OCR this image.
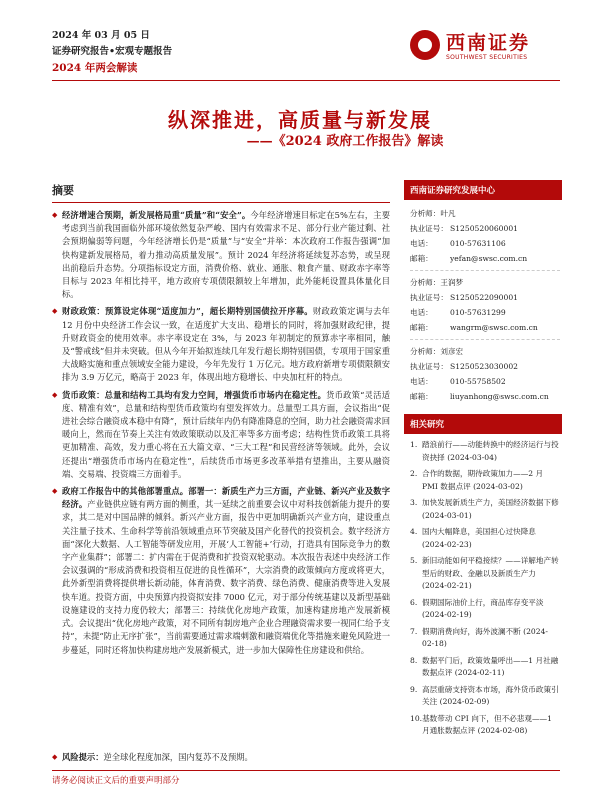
2024 年 03 月 05 日
证券研究报告•宏观专题报告
2024 年两会解读
西南证券
SOUTHWEST SECURITIES
纵深推进，高质量与新发展
——《2024 政府工作报告》解读
摘要
◆ 经济增速合预期，新发展格局重“质量”和“安全”。今年经济增速目标定在5%左右，主要考虑到当前我国面临外部环境依然复杂严峻、国内有效需求不足、部分行业产能过剩、社会预期偏弱等问题，今年经济增长仍是“质量”与“安全”并举：本次政府工作报告强调“加快构建新发展格局，着力推动高质量发展”。预计 2024 年经济将延续复苏态势，或呈现出前稳后升态势。分项指标设定方面，消费价格、就业、通胀、粮食产量、财政赤字率等目标与 2023 年相比持平，地方政府专项债限额较上年增加，此外能耗设置具体量化目标。
◆ 财政政策：预算设定体现“适度加力”，超长期特别国债拉开序幕。财政政策定调与去年 12 月份中央经济工作会议一致，在适度扩大支出、稳增长的同时，将加强财政纪律，提升财政资金的使用效率。赤字率设定在 3%，与 2023 年初制定的预算赤字率相同，触及“警戒线”但并未突破。但从今年开始拟连续几年发行超长期特别国债，专项用于国家重大战略实施和重点领域安全能力建设，今年先发行 1 万亿元。地方政府新增专项债限额安排为 3.9 万亿元，略高于 2023 年，体现出地方稳增长、中央加杠杆的特点。
◆ 货币政策：总量和结构工具均有发力空间，增强货币市场内在稳定性。货币政策“灵活适度、精准有效”，总量和结构型货币政策均有望发挥效力。总量型工具方面，会议指出“促进社会综合融资成本稳中有降”，预计后续年内仍有降准降息的空间，助力社会融资需求回暖向上，然而在节奏上关注有效政策联动以及汇率等多方面考虑；结构性货币政策工具将更加精准、高效，发力重心将在五大篇文章、“三大工程”和民营经济等领域。此外，会议还提出“增强货币市场内在稳定性”，后续货币市场更多改革举措有望推出，主要从融资端、交易端、投资端三方面着手。
◆ 政府工作报告中的其他部署重点。部署一：新质生产力三方面，产业链、新兴产业及数字经济。产业链供应链有两方面的侧重，其一延续之前重要会议中对科技创新能力提升的要求，其二是对中国品牌的倾斜。新兴产业方面，报告中更加明确新兴产业方向，建设重点关注量子技术、生命科学等前沿领域重点环节突破及国产化替代的投资机会。数字经济方面“深化大数据、人工智能等研发应用，开展‘人工智能+’行动，打造具有国际竞争力的数字产业集群”；部署二：扩内需在于促消费和扩投资双轮驱动。本次报告表述中央经济工作会议强调的“形成消费和投资相互促进的良性循环”，大宗消费的政策倾向方度或将更大，此外新型消费将提供增长新动能，体育消费、数字消费、绿色消费、健康消费等进入发展快车道。投资方面，中央预算内投资拟安排 7000 亿元，对于部分传统基建以及新型基础设施建设的支持力度仍较大；部署三：持续优化房地产政策，加速构建房地产发展新模式。会议提出“优化房地产政策，对不同所有制房地产企业合理融资需求要一视同仁给予支持”，未提“防止无序扩张”，当前需要通过需求端刺激和融资端优化等措施来避免风险进一步蔓延，同时还将加快构建房地产发展新模式，进一步加大保障性住房建设和供给。
◆ 风险提示：逆全球化程度加深，国内复苏不及预期。
西南证券研究发展中心
分析师：叶凡
执业证号： S1250520060001
电话：	010-57631106
邮箱：	yefan@swsc.com.cn
分析师：王润梦
执业证号： S1250522090001
电话：	010-57631299
邮箱：	wangrm@swsc.com.cn
分析师：刘彦宏
执业证号： S1250523030002
电话：	010-55758502
邮箱：	liuyanhong@swsc.com.cn
相关研究
1. 踏浪前行——动能转换中的经济运行与投资抉择 (2024-03-04)
2. 合作的数据，期待政策加力——2 月 PMI 数据点评 (2024-03-02)
3. 加快发展新质生产力，美国经济数据下修 (2024-03-01)
4. 国内大幅降息，美国担心过快降息 (2024-02-23)
5. 新旧动能如何平稳接续？——详解地产转型后的财政、金融以及新质生产力 (2024-02-21)
6. 假期国际油价上行，商品库存变平淡 (2024-02-19)
7. 假期消费向好，海外波澜不断 (2024-02-18)
8. 数据平门后，政策效量呼出——1 月社融数据点评 (2024-02-11)
9. 高层重磅支持资本市场，海外货币政策引关注 (2024-02-09)
10. 基数带动 CPI 向下，但不必悲观——1 月通胀数据点评 (2024-02-08)
请务必阅读正文后的重要声明部分
